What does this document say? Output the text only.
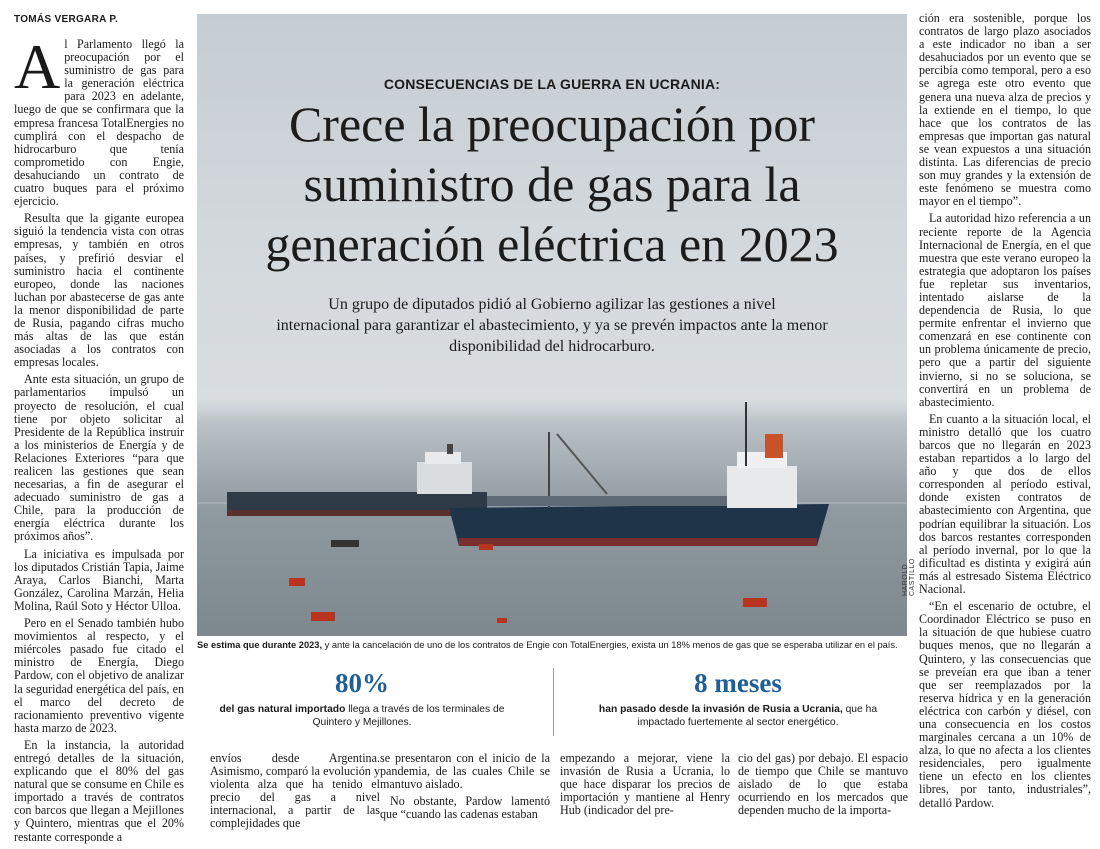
TOMÁS VERGARA P.

Al Parlamento llegó la preocupación por el suministro de gas para la generación eléctrica para 2023 en adelante, luego de que se confirmara que la empresa francesa TotalEnergies no cumplirá con el despacho de hidrocarburo que tenía comprometido con Engie, desahuciando un contrato de cuatro buques para el próximo ejercicio.

Resulta que la gigante europea siguió la tendencia vista con otras empresas, y también en otros países, y prefirió desviar el suministro hacia el continente europeo, donde las naciones luchan por abastecerse de gas ante la menor disponibilidad de parte de Rusia, pagando cifras mucho más altas de las que están asociadas a los contratos con empresas locales.

Ante esta situación, un grupo de parlamentarios impulsó un proyecto de resolución, el cual tiene por objeto solicitar al Presidente de la República instruir a los ministerios de Energía y de Relaciones Exteriores “para que realicen las gestiones que sean necesarias, a fin de asegurar el adecuado suministro de gas a Chile, para la producción de energía eléctrica durante los próximos años”.

La iniciativa es impulsada por los diputados Cristián Tapia, Jaime Araya, Carlos Bianchi, Marta González, Carolina Marzán, Helia Molina, Raúl Soto y Héctor Ulloa.

Pero en el Senado también hubo movimientos al respecto, y el miércoles pasado fue citado el ministro de Energía, Diego Pardow, con el objetivo de analizar la seguridad energética del país, en el marco del decreto de racionamiento preventivo vigente hasta marzo de 2023.

En la instancia, la autoridad entregó detalles de la situación, explicando que el 80% del gas natural que se consume en Chile es importado a través de contratos con barcos que llegan a Mejillones y Quintero, mientras que el 20% restante corresponde a

CONSECUENCIAS DE LA GUERRA EN UCRANIA:
Crece la preocupación por
suministro de gas para la
generación eléctrica en 2023
Un grupo de diputados pidió al Gobierno agilizar las gestiones a nivel
internacional para garantizar el abastecimiento, y ya se prevén impactos ante la menor
disponibilidad del hidrocarburo.
HAROLD CASTILLO
Se estima que durante 2023, y ante la cancelación de uno de los contratos de Engie con TotalEnergies, exista un 18% menos de gas que se esperaba utilizar en el país.
80%
del gas natural importado llega a través de los terminales de Quintero y Mejillones.
8 meses
han pasado desde la invasión de Rusia a Ucrania, que ha impactado fuertemente al sector energético.

envíos desde Argentina. Asimismo, comparó la evolución y violenta alza que ha tenido el precio del gas a nivel internacional, a partir de las complejidades que

se presentaron con el inicio de la pandemia, de las cuales Chile se mantuvo aislado.

No obstante, Pardow lamentó que “cuando las cadenas estaban

empezando a mejorar, viene la invasión de Rusia a Ucrania, lo que hace disparar los precios de importación y mantiene al Henry Hub (indicador del pre-

cio del gas) por debajo. El espacio de tiempo que Chile se mantuvo aislado de lo que estaba ocurriendo en los mercados que dependen mucho de la importa-

ción era sostenible, porque los contratos de largo plazo asociados a este indicador no iban a ser desahuciados por un evento que se percibía como temporal, pero a eso se agrega este otro evento que genera una nueva alza de precios y la extiende en el tiempo, lo que hace que los contratos de las empresas que importan gas natural se vean expuestos a una situación distinta. Las diferencias de precio son muy grandes y la extensión de este fenómeno se muestra como mayor en el tiempo”.

La autoridad hizo referencia a un reciente reporte de la Agencia Internacional de Energía, en el que muestra que este verano europeo la estrategia que adoptaron los países fue repletar sus inventarios, intentado aislarse de la dependencia de Rusia, lo que permite enfrentar el invierno que comenzará en ese continente con un problema únicamente de precio, pero que a partir del siguiente invierno, si no se soluciona, se convertirá en un problema de abastecimiento.

En cuanto a la situación local, el ministro detalló que los cuatro barcos que no llegarán en 2023 estaban repartidos a lo largo del año y que dos de ellos corresponden al período estival, donde existen contratos de abastecimiento con Argentina, que podrían equilibrar la situación. Los dos barcos restantes corresponden al período invernal, por lo que la dificultad es distinta y exigirá aún más al estresado Sistema Eléctrico Nacional.

“En el escenario de octubre, el Coordinador Eléctrico se puso en la situación de que hubiese cuatro buques menos, que no llegarán a Quintero, y las consecuencias que se preveían era que iban a tener que ser reemplazados por la reserva hídrica y en la generación eléctrica con carbón y diésel, con una consecuencia en los costos marginales cercana a un 10% de alza, lo que no afecta a los clientes residenciales, pero igualmente tiene un efecto en los clientes libres, por tanto, industriales”, detalló Pardow.
